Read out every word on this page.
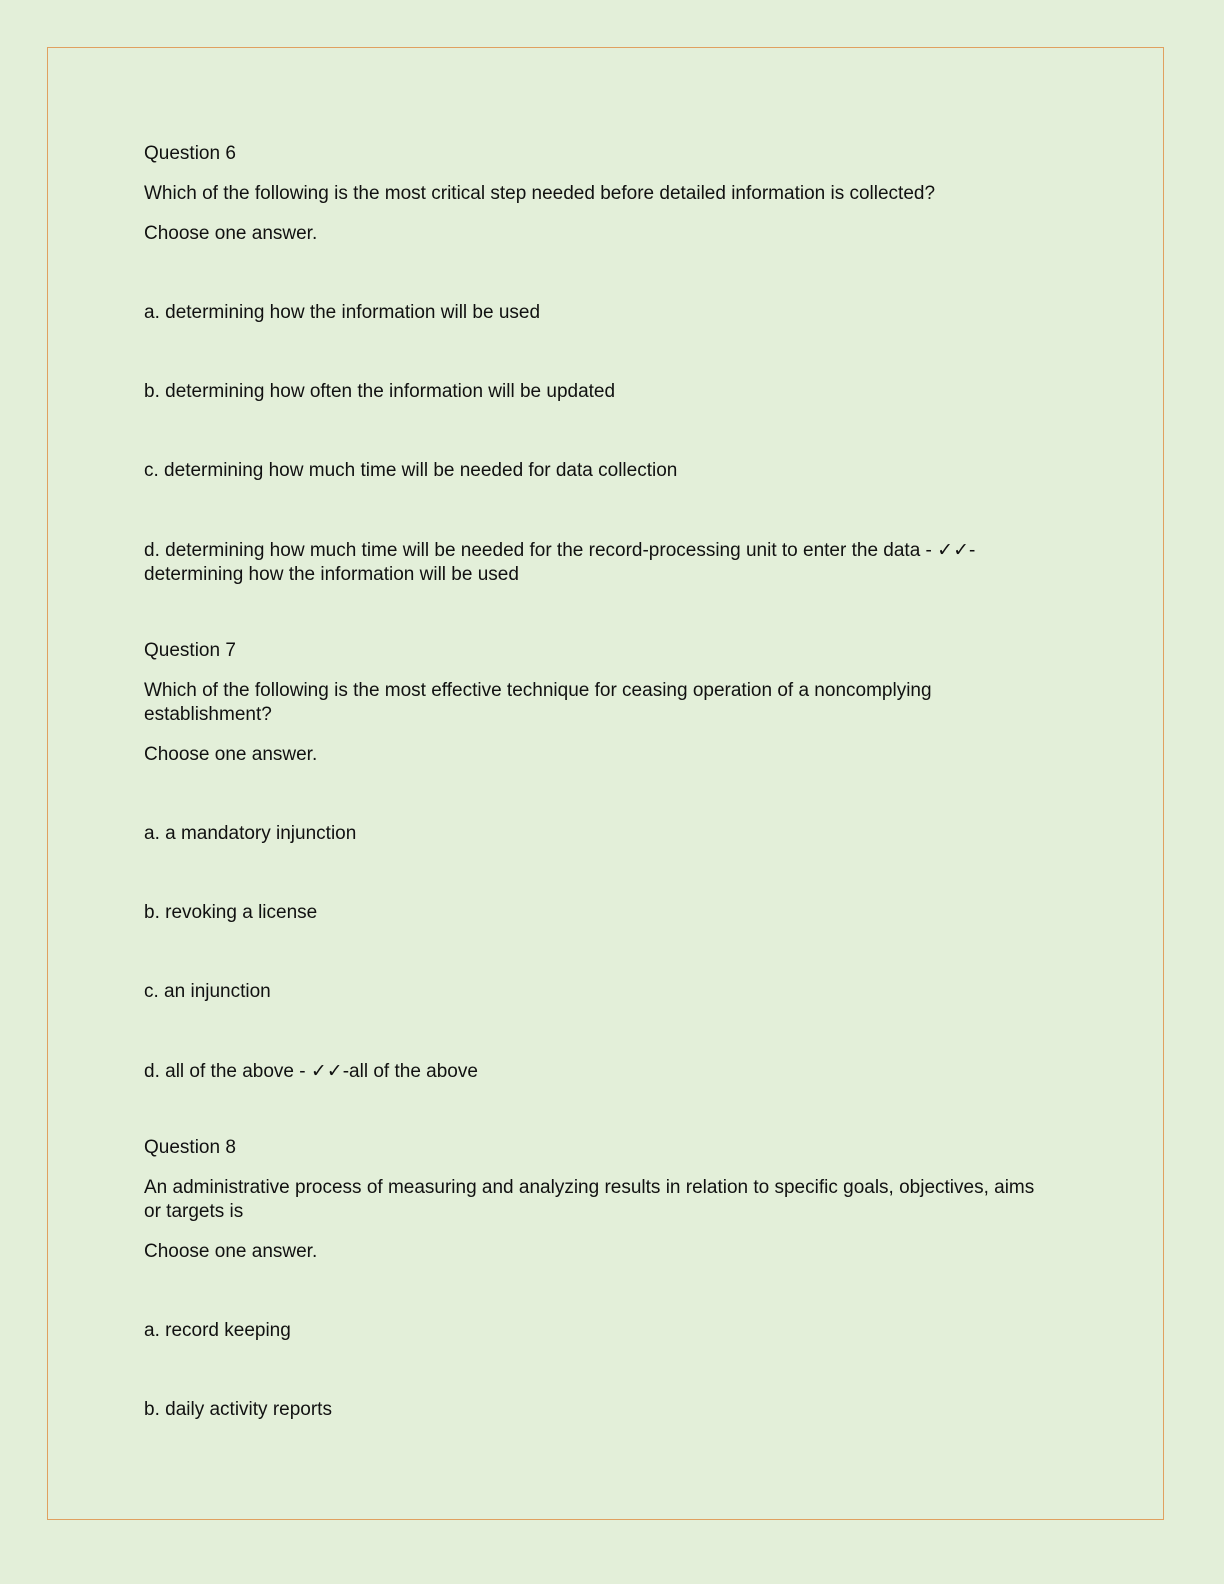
Question 6

Which of the following is the most critical step needed before detailed information is collected?

Choose one answer.

a. determining how the information will be used

b. determining how often the information will be updated

c. determining how much time will be needed for data collection

d. determining how much time will be needed for the record-processing unit to enter the data - ✓✓- determining how the information will be used

Question 7

Which of the following is the most effective technique for ceasing operation of a noncomplying establishment?

Choose one answer.

a. a mandatory injunction

b. revoking a license

c. an injunction

d. all of the above - ✓✓-all of the above

Question 8

An administrative process of measuring and analyzing results in relation to specific goals, objectives, aims or targets is

Choose one answer.

a. record keeping

b. daily activity reports
